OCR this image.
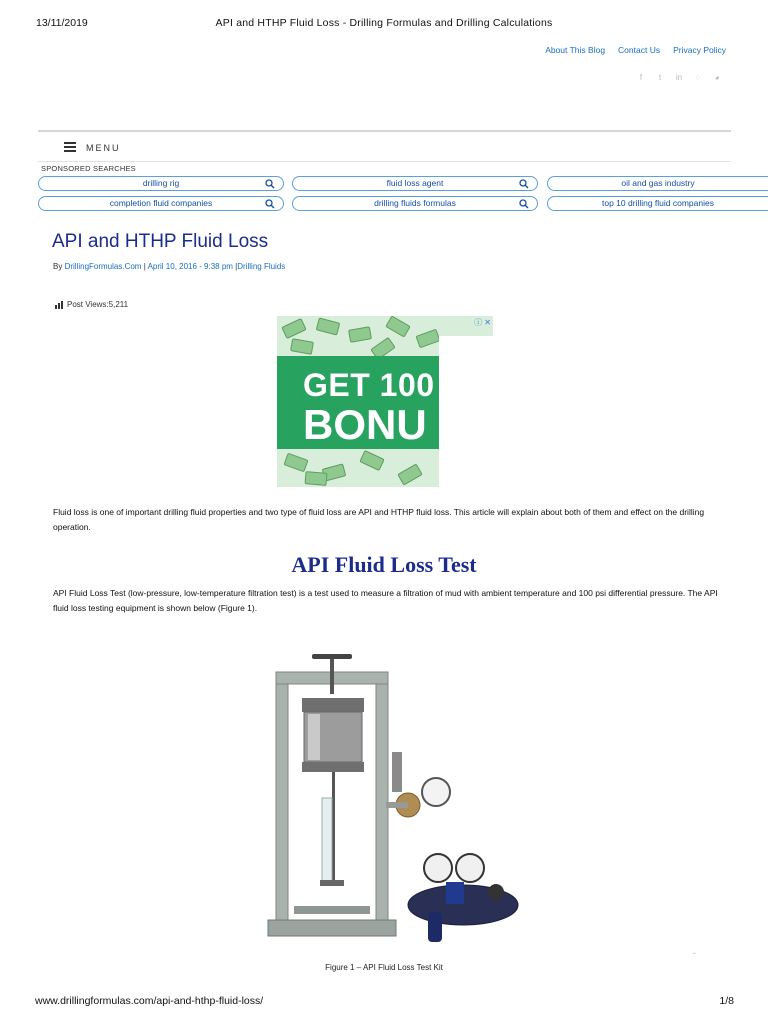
13/11/2019	API and HTHP Fluid Loss - Drilling Formulas and Drilling Calculations
About This Blog Contact Us Privacy Policy
f	t	in	◌	◕
MENU
SPONSORED SEARCHES
drilling rig	fluid loss agent	oil and gas industry
completion fluid companies	drilling fluids formulas	top 10 drilling fluid companies
API and HTHP Fluid Loss
By DrillingFormulas.Com | April 10, 2016 - 9:38 pm |Drilling Fluids
Post Views:5,211
GET 100
BONU
ⓘ ✕
Fluid loss is one of important drilling fluid properties and two type of fluid loss are API and HTHP fluid loss. This article will explain about both of them and effect on the drilling operation.
API Fluid Loss Test
API Fluid Loss Test (low-pressure, low-temperature filtration test) is a test used to measure a filtration of mud with ambient temperature and 100 psi differential pressure. The API fluid loss testing equipment is shown below (Figure 1).
Figure 1 – API Fluid Loss Test Kit
ˆ
www.drillingformulas.com/api-and-hthp-fluid-loss/	1/8
